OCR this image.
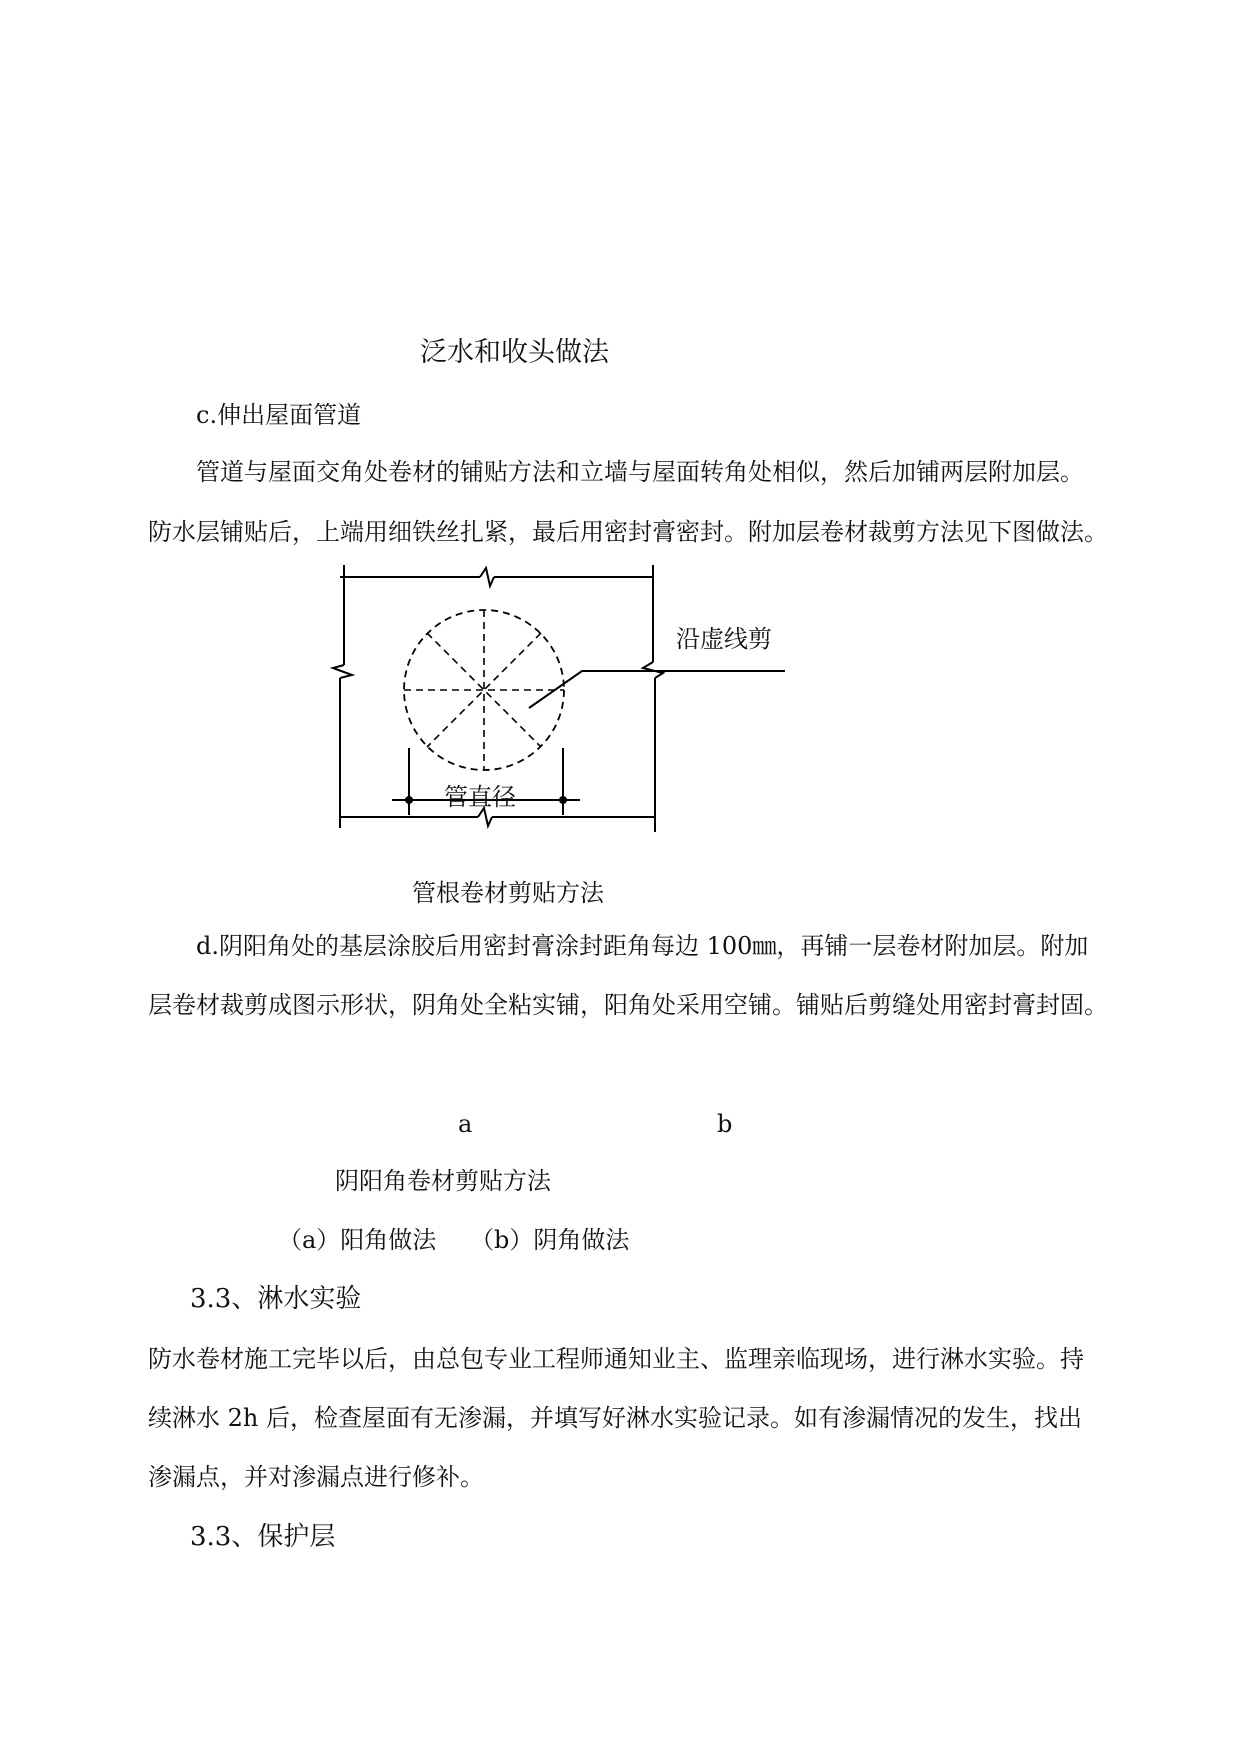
泛水和收头做法
c.伸出屋面管道
管道与屋面交角处卷材的铺贴方法和立墙与屋面转角处相似，然后加铺两层附加层。
防水层铺贴后，上端用细铁丝扎紧，最后用密封膏密封。附加层卷材裁剪方法见下图做法。
沿虚线剪
管直径
管根卷材剪贴方法
d.阴阳角处的基层涂胶后用密封膏涂封距角每边 100㎜，再铺一层卷材附加层。附加
层卷材裁剪成图示形状，阴角处全粘实铺，阳角处采用空铺。铺贴后剪缝处用密封膏封固。
a	b
阴阳角卷材剪贴方法
（a）阳角做法 （b）阴角做法
3.3、淋水实验
防水卷材施工完毕以后，由总包专业工程师通知业主、监理亲临现场，进行淋水实验。持
续淋水 2h 后，检查屋面有无渗漏，并填写好淋水实验记录。如有渗漏情况的发生，找出
渗漏点，并对渗漏点进行修补。
3.3、保护层
